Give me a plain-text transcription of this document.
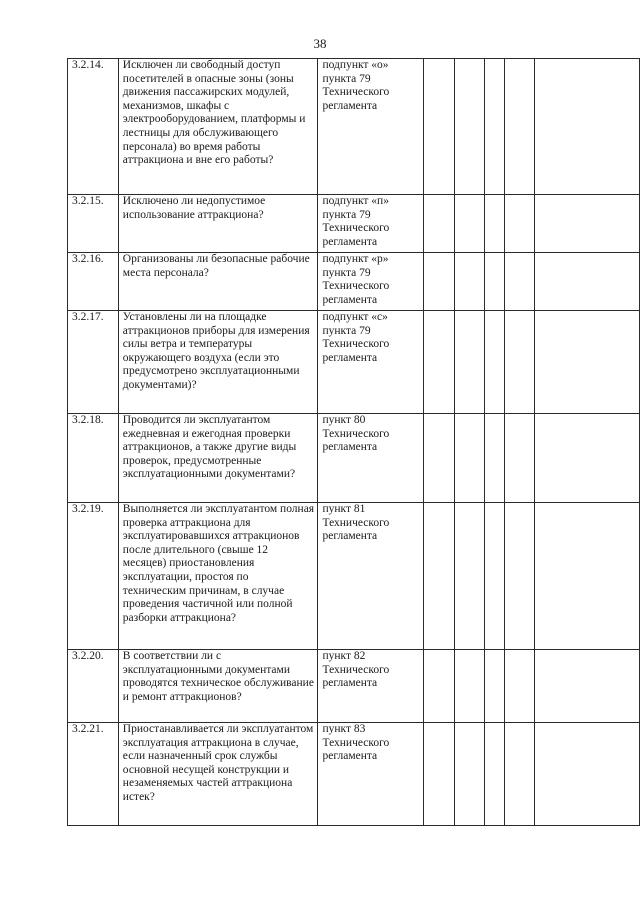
38
3.2.14.	Исключен ли свободный доступ посетителей в опасные зоны (зоны движения пассажирских модулей, механизмов, шкафы с электрооборудованием, платформы и лестницы для обслуживающего персонала) во время работы аттракциона и вне его работы?	подпункт «о» пункта 79 Технического регламента					
3.2.15.	Исключено ли недопустимое использование аттракциона?	подпункт «п» пункта 79 Технического регламента					
3.2.16.	Организованы ли безопасные рабочие места персонала?	подпункт «р» пункта 79 Технического регламента					
3.2.17.	Установлены ли на площадке аттракционов приборы для измерения силы ветра и температуры окружающего воздуха (если это предусмотрено эксплуатационными документами)?	подпункт «с» пункта 79 Технического регламента					
3.2.18.	Проводится ли эксплуатантом ежедневная и ежегодная проверки аттракционов, а также другие виды проверок, предусмотренные эксплуатационными документами?	пункт 80 Технического регламента					
3.2.19.	Выполняется ли эксплуатантом полная проверка аттракциона для эксплуатировавшихся аттракционов после длительного (свыше 12 месяцев) приостановления эксплуатации, простоя по техническим причинам, в случае проведения частичной или полной разборки аттракциона?	пункт 81 Технического регламента					
3.2.20.	В соответствии ли с эксплуатационными документами проводятся техническое обслуживание и ремонт аттракционов?	пункт 82 Технического регламента					
3.2.21.	Приостанавливается ли эксплуатантом эксплуатация аттракциона в случае, если назначенный срок службы основной несущей конструкции и незаменяемых частей аттракциона истек?	пункт 83 Технического регламента					
